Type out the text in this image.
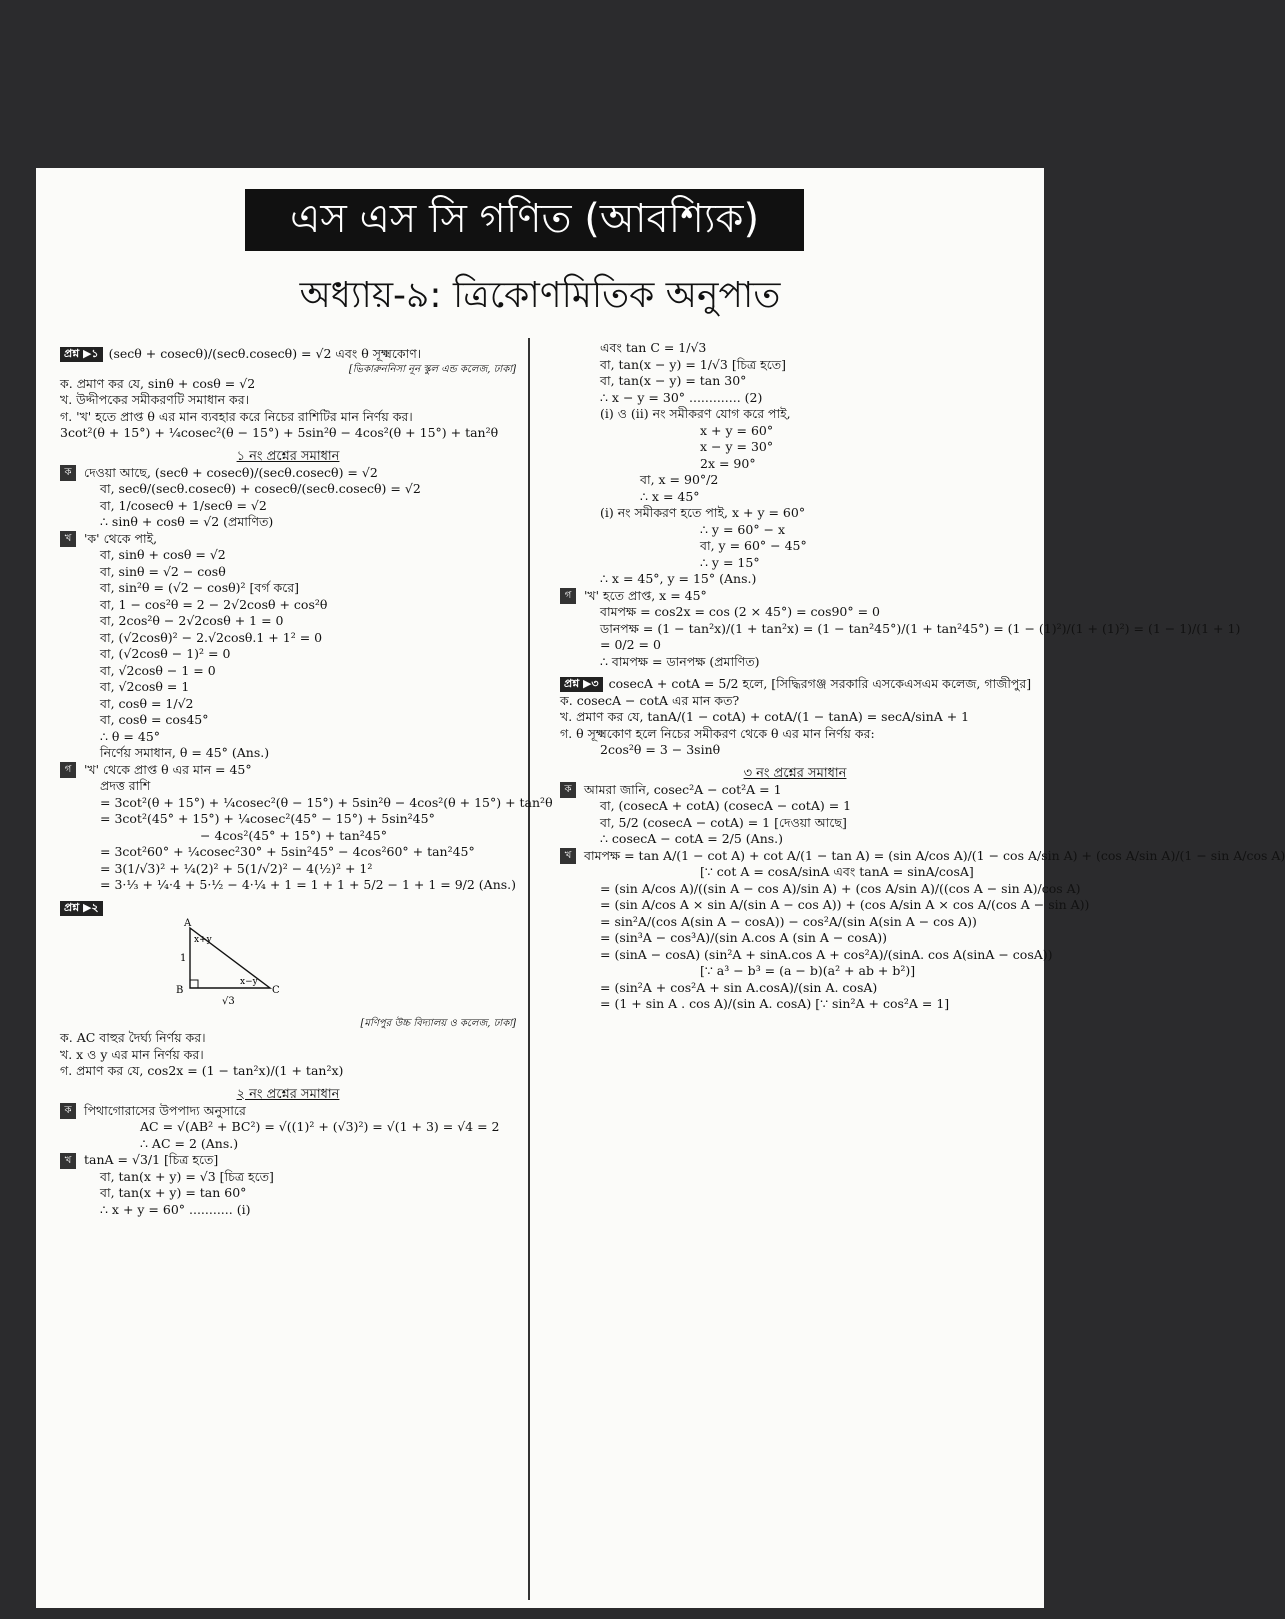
এস এস সি গণিত (আবশ্যিক)
অধ্যায়-৯: ত্রিকোণমিতিক অনুপাত
প্রশ্ন ▶১ (secθ + cosecθ)/(secθ.cosecθ) = √2 এবং θ সূক্ষ্মকোণ।
[ভিকারুননিসা নূন স্কুল এন্ড কলেজ, ঢাকা]
ক. প্রমাণ কর যে, sinθ + cosθ = √2
খ. উদ্দীপকের সমীকরণটি সমাধান কর।
গ. 'খ' হতে প্রাপ্ত θ এর মান ব্যবহার করে নিচের রাশিটির মান নির্ণয় কর।
3cot²(θ + 15°) + ¼cosec²(θ − 15°) + 5sin²θ − 4cos²(θ + 15°) + tan²θ
১ নং প্রশ্নের সমাধান
ক দেওয়া আছে, (secθ + cosecθ)/(secθ.cosecθ) = √2
বা, secθ/(secθ.cosecθ) + cosecθ/(secθ.cosecθ) = √2
বা, 1/cosecθ + 1/secθ = √2
∴ sinθ + cosθ = √2 (প্রমাণিত)
খ 'ক' থেকে পাই,
বা, sinθ + cosθ = √2
বা, sinθ = √2 − cosθ
বা, sin²θ = (√2 − cosθ)² [বর্গ করে]
বা, 1 − cos²θ = 2 − 2√2cosθ + cos²θ
বা, 2cos²θ − 2√2cosθ + 1 = 0
বা, (√2cosθ)² − 2.√2cosθ.1 + 1² = 0
বা, (√2cosθ − 1)² = 0
বা, √2cosθ − 1 = 0
বা, √2cosθ = 1
বা, cosθ = 1/√2
বা, cosθ = cos45°
∴ θ = 45°
নির্ণেয় সমাধান, θ = 45° (Ans.)
গ 'খ' থেকে প্রাপ্ত θ এর মান = 45°
প্রদত্ত রাশি
= 3cot²(θ + 15°) + ¼cosec²(θ − 15°) + 5sin²θ − 4cos²(θ + 15°) + tan²θ
= 3cot²(45° + 15°) + ¼cosec²(45° − 15°) + 5sin²45°
− 4cos²(45° + 15°) + tan²45°
= 3cot²60° + ¼cosec²30° + 5sin²45° − 4cos²60° + tan²45°
= 3(1/√3)² + ¼(2)² + 5(1/√2)² − 4(½)² + 1²
= 3·⅓ + ¼·4 + 5·½ − 4·¼ + 1 = 1 + 1 + 5/2 − 1 + 1 = 9/2 (Ans.)
প্রশ্ন ▶২
A
B	C
1
√3
x+y
x−y
[মণিপুর উচ্চ বিদ্যালয় ও কলেজ, ঢাকা]
ক. AC বাহুর দৈর্ঘ্য নির্ণয় কর।
খ. x ও y এর মান নির্ণয় কর।
গ. প্রমাণ কর যে, cos2x = (1 − tan²x)/(1 + tan²x)
২ নং প্রশ্নের সমাধান
ক পিথাগোরাসের উপপাদ্য অনুসারে
AC = √(AB² + BC²) = √((1)² + (√3)²) = √(1 + 3) = √4 = 2
∴ AC = 2 (Ans.)
খ tanA = √3/1 [চিত্র হতে]
বা, tan(x + y) = √3 [চিত্র হতে]
বা, tan(x + y) = tan 60°
∴ x + y = 60° ........... (i)
এবং tan C = 1/√3
বা, tan(x − y) = 1/√3 [চিত্র হতে]
বা, tan(x − y) = tan 30°
∴ x − y = 30° ............. (2)
(i) ও (ii) নং সমীকরণ যোগ করে পাই,
x + y = 60°
x − y = 30°
2x = 90°
বা, x = 90°/2
∴ x = 45°
(i) নং সমীকরণ হতে পাই, x + y = 60°
∴ y = 60° − x
বা, y = 60° − 45°
∴ y = 15°
∴ x = 45°, y = 15° (Ans.)
গ 'খ' হতে প্রাপ্ত, x = 45°
বামপক্ষ = cos2x = cos (2 × 45°) = cos90° = 0
ডানপক্ষ = (1 − tan²x)/(1 + tan²x) = (1 − tan²45°)/(1 + tan²45°) = (1 − (1)²)/(1 + (1)²) = (1 − 1)/(1 + 1)
= 0/2 = 0
∴ বামপক্ষ = ডানপক্ষ (প্রমাণিত)
প্রশ্ন ▶৩ cosecA + cotA = 5/2 হলে, [সিদ্ধিরগঞ্জ সরকারি এসকেএসএম কলেজ, গাজীপুর]
ক. cosecA − cotA এর মান কত?
খ. প্রমাণ কর যে, tanA/(1 − cotA) + cotA/(1 − tanA) = secA/sinA + 1
গ. θ সূক্ষ্মকোণ হলে নিচের সমীকরণ থেকে θ এর মান নির্ণয় কর:
2cos²θ = 3 − 3sinθ
৩ নং প্রশ্নের সমাধান
ক আমরা জানি, cosec²A − cot²A = 1
বা, (cosecA + cotA) (cosecA − cotA) = 1
বা, 5/2 (cosecA − cotA) = 1 [দেওয়া আছে]
∴ cosecA − cotA = 2/5 (Ans.)
খ বামপক্ষ = tan A/(1 − cot A) + cot A/(1 − tan A) = (sin A/cos A)/(1 − cos A/sin A) + (cos A/sin A)/(1 − sin A/cos A)
[∵ cot A = cosA/sinA এবং tanA = sinA/cosA]
= (sin A/cos A)/((sin A − cos A)/sin A) + (cos A/sin A)/((cos A − sin A)/cos A)
= (sin A/cos A × sin A/(sin A − cos A)) + (cos A/sin A × cos A/(cos A − sin A))
= sin²A/(cos A(sin A − cosA)) − cos²A/(sin A(sin A − cos A))
= (sin³A − cos³A)/(sin A.cos A (sin A − cosA))
= (sinA − cosA) (sin²A + sinA.cos A + cos²A)/(sinA. cos A(sinA − cosA))
[∵ a³ − b³ = (a − b)(a² + ab + b²)]
= (sin²A + cos²A + sin A.cosA)/(sin A. cosA)
= (1 + sin A . cos A)/(sin A. cosA) [∵ sin²A + cos²A = 1]
